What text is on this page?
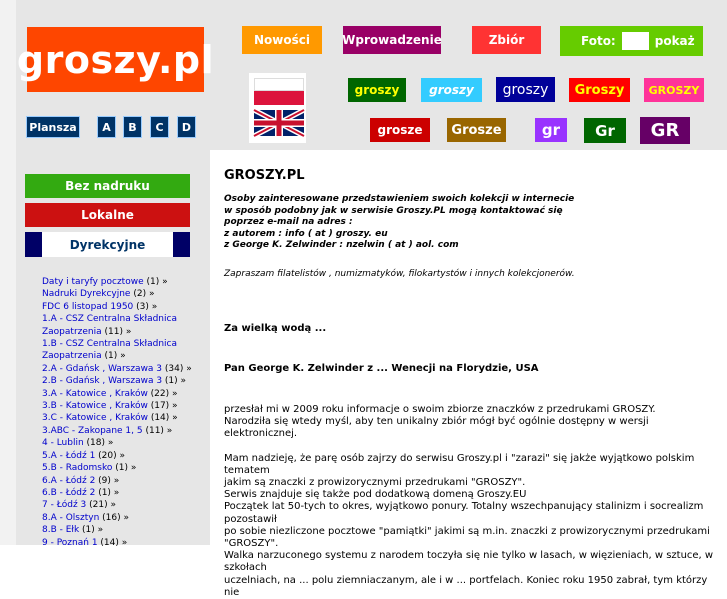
groszy.pl	Nowości	Wprowadzenie	Zbiór	Foto:	pokaż
groszy	groszy	groszy	Groszy	GROSZY
grosze	Grosze	gr	Gr	GR
Plansza	A	B	C	D
Bez nadruku
Lokalne
Dyrekcyjne
Daty i taryfy pocztowe (1) »
Nadruki Dyrekcyjne (2) »
FDC 6 listopad 1950 (3) »
1.A - CSZ Centralna Składnica Zaopatrzenia (11) »
1.B - CSZ Centralna Składnica Zaopatrzenia (1) »
2.A - Gdańsk , Warszawa 3 (34) »
2.B - Gdańsk , Warszawa 3 (1) »
3.A - Katowice , Kraków (22) »
3.B - Katowice , Kraków (17) »
3.C - Katowice , Kraków (14) »
3.ABC - Zakopane 1, 5 (11) »
4 - Lublin (18) »
5.A - Łódź 1 (20) »
5.B - Radomsko (1) »
6.A - Łódź 2 (9) »
6.B - Łódź 2 (1) »
7 - Łódź 3 (21) »
8.A - Olsztyn (16) »
8.B - Ełk (1) »
9 - Poznań 1 (14) »
GROSZY.PL
Osoby zainteresowane przedstawieniem swoich kolekcji w internecie
w sposób podobny jak w serwisie Groszy.PL mogą kontaktować się
poprzez e-mail na adres :
z autorem : info ( at ) groszy. eu
z George K. Zelwinder : nzelwin ( at ) aol. com
Zapraszam filatelistów , numizmatyków, filokartystów i innych kolekcjonerów.
Za wielką wodą ...
Pan George K. Zelwinder z ... Wenecji na Florydzie, USA
przesłał mi w 2009 roku informacje o swoim zbiorze znaczków z przedrukami GROSZY.
Narodziła się wtedy myśl, aby ten unikalny zbiór mógł być ogólnie dostępny w wersji elektronicznej.
Mam nadzieję, że parę osób zajrzy do serwisu Groszy.pl i "zarazi" się jakże wyjątkowo polskim tematem
jakim są znaczki z prowizorycznymi przedrukami "GROSZY".
Serwis znajduje się także pod dodatkową domeną Groszy.EU
Początek lat 50-tych to okres, wyjątkowo ponury. Totalny wszechpanujący stalinizm i socrealizm pozostawił
po sobie niezliczone pocztowe "pamiątki" jakimi są m.in. znaczki z prowizorycznymi przedrukami "GROSZY".
Walka narzuconego systemu z narodem toczyła się nie tylko w lasach, w więzieniach, w sztuce, w szkołach
uczelniach, na ... polu ziemniaczanym, ale i w ... portfelach. Koniec roku 1950 zabrał, tym którzy nie
